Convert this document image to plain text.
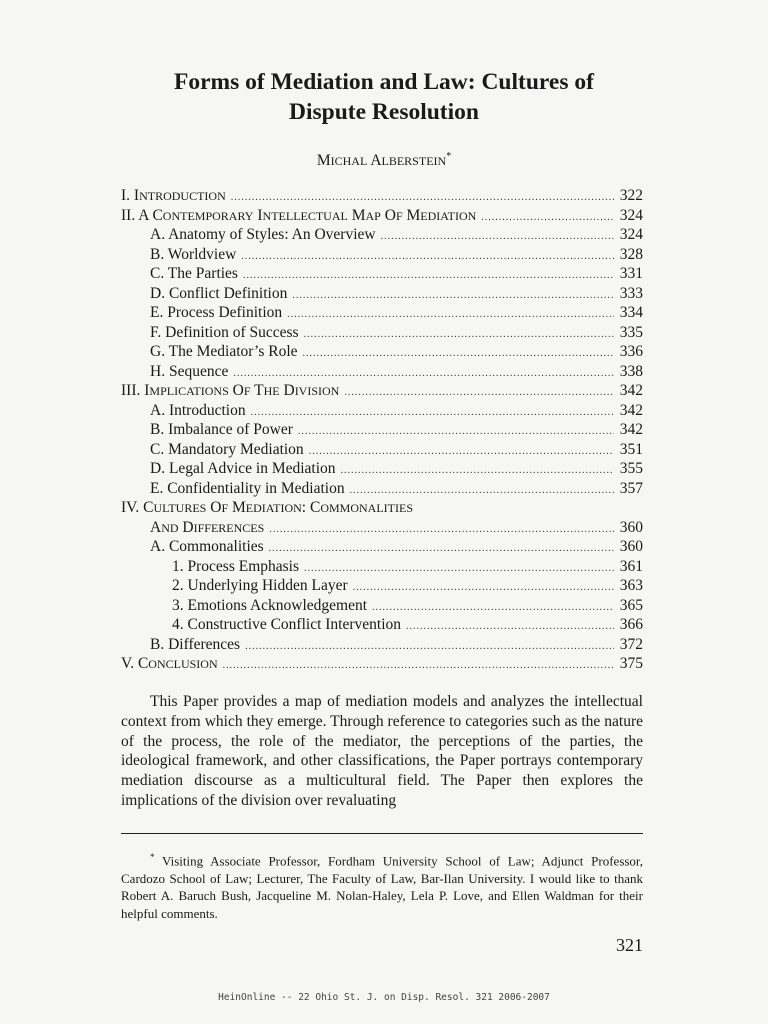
Forms of Mediation and Law: Cultures of
Dispute Resolution
MICHAL ALBERSTEIN*
I. INTRODUCTION .....	322
II. A CONTEMPORARY INTELLECTUAL MAP OF MEDIATION .....	324
A. Anatomy of Styles: An Overview .....	324
B. Worldview .....	328
C. The Parties .....	331
D. Conflict Definition .....	333
E. Process Definition .....	334
F. Definition of Success .....	335
G. The Mediator’s Role .....	336
H. Sequence .....	338
III. IMPLICATIONS OF THE DIVISION .....	342
A. Introduction .....	342
B. Imbalance of Power .....	342
C. Mandatory Mediation .....	351
D. Legal Advice in Mediation .....	355
E. Confidentiality in Mediation .....	357
IV. CULTURES OF MEDIATION: COMMONALITIES
AND DIFFERENCES .....	360
A. Commonalities .....	360
1. Process Emphasis .....	361
2. Underlying Hidden Layer .....	363
3. Emotions Acknowledgement .....	365
4. Constructive Conflict Intervention .....	366
B. Differences .....	372
V. CONCLUSION .....	375
This Paper provides a map of mediation models and analyzes the intellectual context from which they emerge. Through reference to categories such as the nature of the process, the role of the mediator, the perceptions of the parties, the ideological framework, and other classifications, the Paper portrays contemporary mediation discourse as a multicultural field. The Paper then explores the implications of the division over revaluating
* Visiting Associate Professor, Fordham University School of Law; Adjunct Professor, Cardozo School of Law; Lecturer, The Faculty of Law, Bar-Ilan University. I would like to thank Robert A. Baruch Bush, Jacqueline M. Nolan-Haley, Lela P. Love, and Ellen Waldman for their helpful comments.
321
HeinOnline -- 22 Ohio St. J. on Disp. Resol. 321 2006-2007
